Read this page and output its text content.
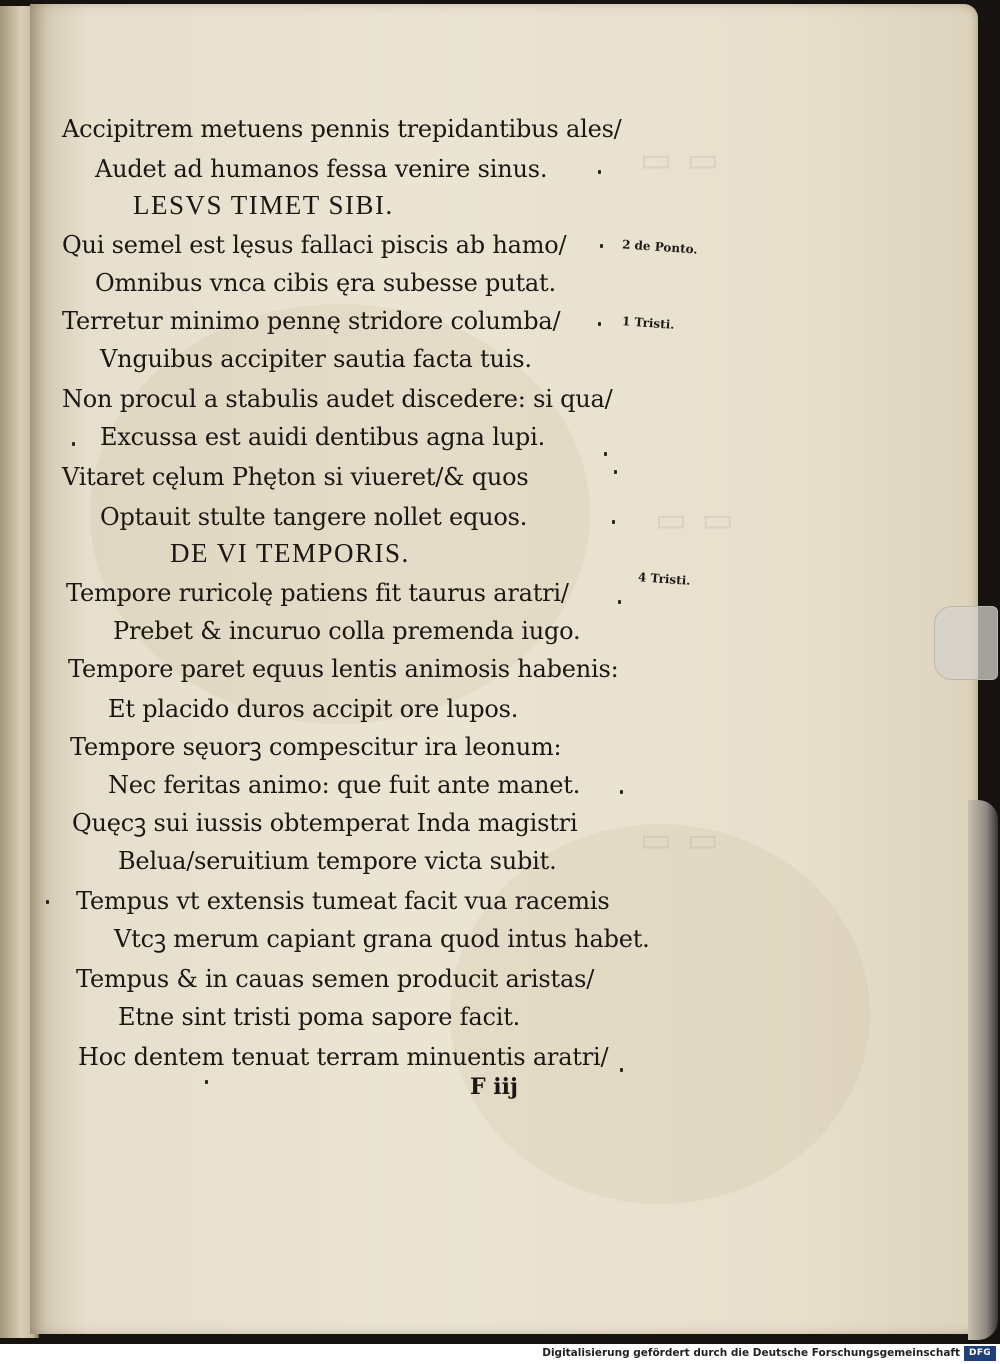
▭ ▭
▭ ▭
▭ ▭
Accipitrem metuens pennis trepidantibus ales/
Audet ad humanos fessa venire sinus.
LESVS TIMET SIBI.
Qui semel est lęsus fallaci piscis ab hamo/
Omnibus vnca cibis ęra subesse putat.
Terretur minimo pennę stridore columba/
Vnguibus accipiter sautia facta tuis.
Non procul a stabulis audet discedere: si qua/
Excussa est auidi dentibus agna lupi.
Vitaret cęlum Phęton si viueret/& quos
Optauit stulte tangere nollet equos.
DE VI TEMPORIS.
Tempore ruricolę patiens fit taurus aratri/
Prebet & incuruo colla premenda iugo.
Tempore paret equus lentis animosis habenis:
Et placido duros accipit ore lupos.
Tempore sęuorꝫ compescitur ira leonum:
Nec feritas animo: que fuit ante manet.
Quęcꝫ sui iussis obtemperat Inda magistri
Belua/seruitium tempore victa subit.
Tempus vt extensis tumeat facit vua racemis
Vtcꝫ merum capiant grana quod intus habet.
Tempus & in cauas semen producit aristas/
Etne sint tristi poma sapore facit.
Hoc dentem tenuat terram minuentis aratri/
2 de Ponto.
1 Tristi.
4 Tristi.
F iij
Digitalisierung gefördert durch die Deutsche Forschungsgemeinschaft	DFG
